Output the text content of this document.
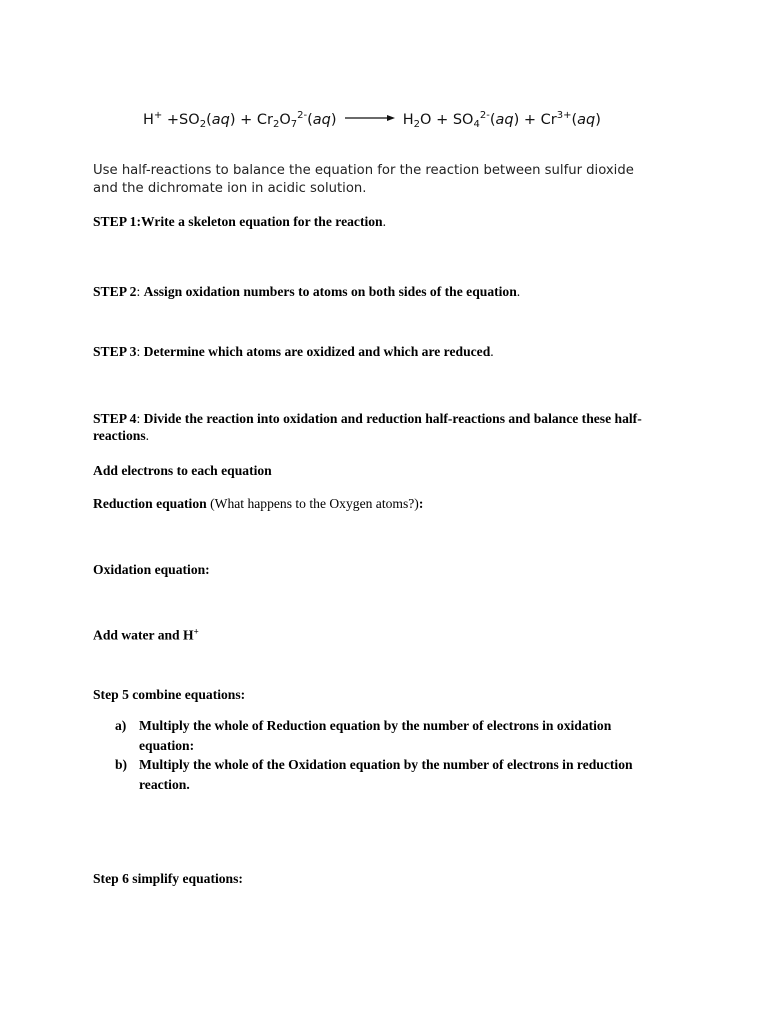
$H^+ +SO_2(aq) + Cr_2O_7^{2-}(aq) \to H_2O + SO_4^{2-}(aq) + Cr^{3+}(aq)$
Use half-reactions to balance the equation for the reaction between sulfur dioxide and the dichromate ion in acidic solution.
STEP 1:Write a skeleton equation for the reaction.
STEP 2: Assign oxidation numbers to atoms on both sides of the equation.
STEP 3: Determine which atoms are oxidized and which are reduced.
STEP 4: Divide the reaction into oxidation and reduction half-reactions and balance these half-reactions.
Add electrons to each equation
Reduction equation (What happens to the Oxygen atoms?):
Oxidation equation:
Add water and H+
Step 5 combine equations:
a) Multiply the whole of Reduction equation by the number of electrons in oxidation equation:
b) Multiply the whole of the Oxidation equation by the number of electrons in reduction reaction.
Step 6 simplify equations:
